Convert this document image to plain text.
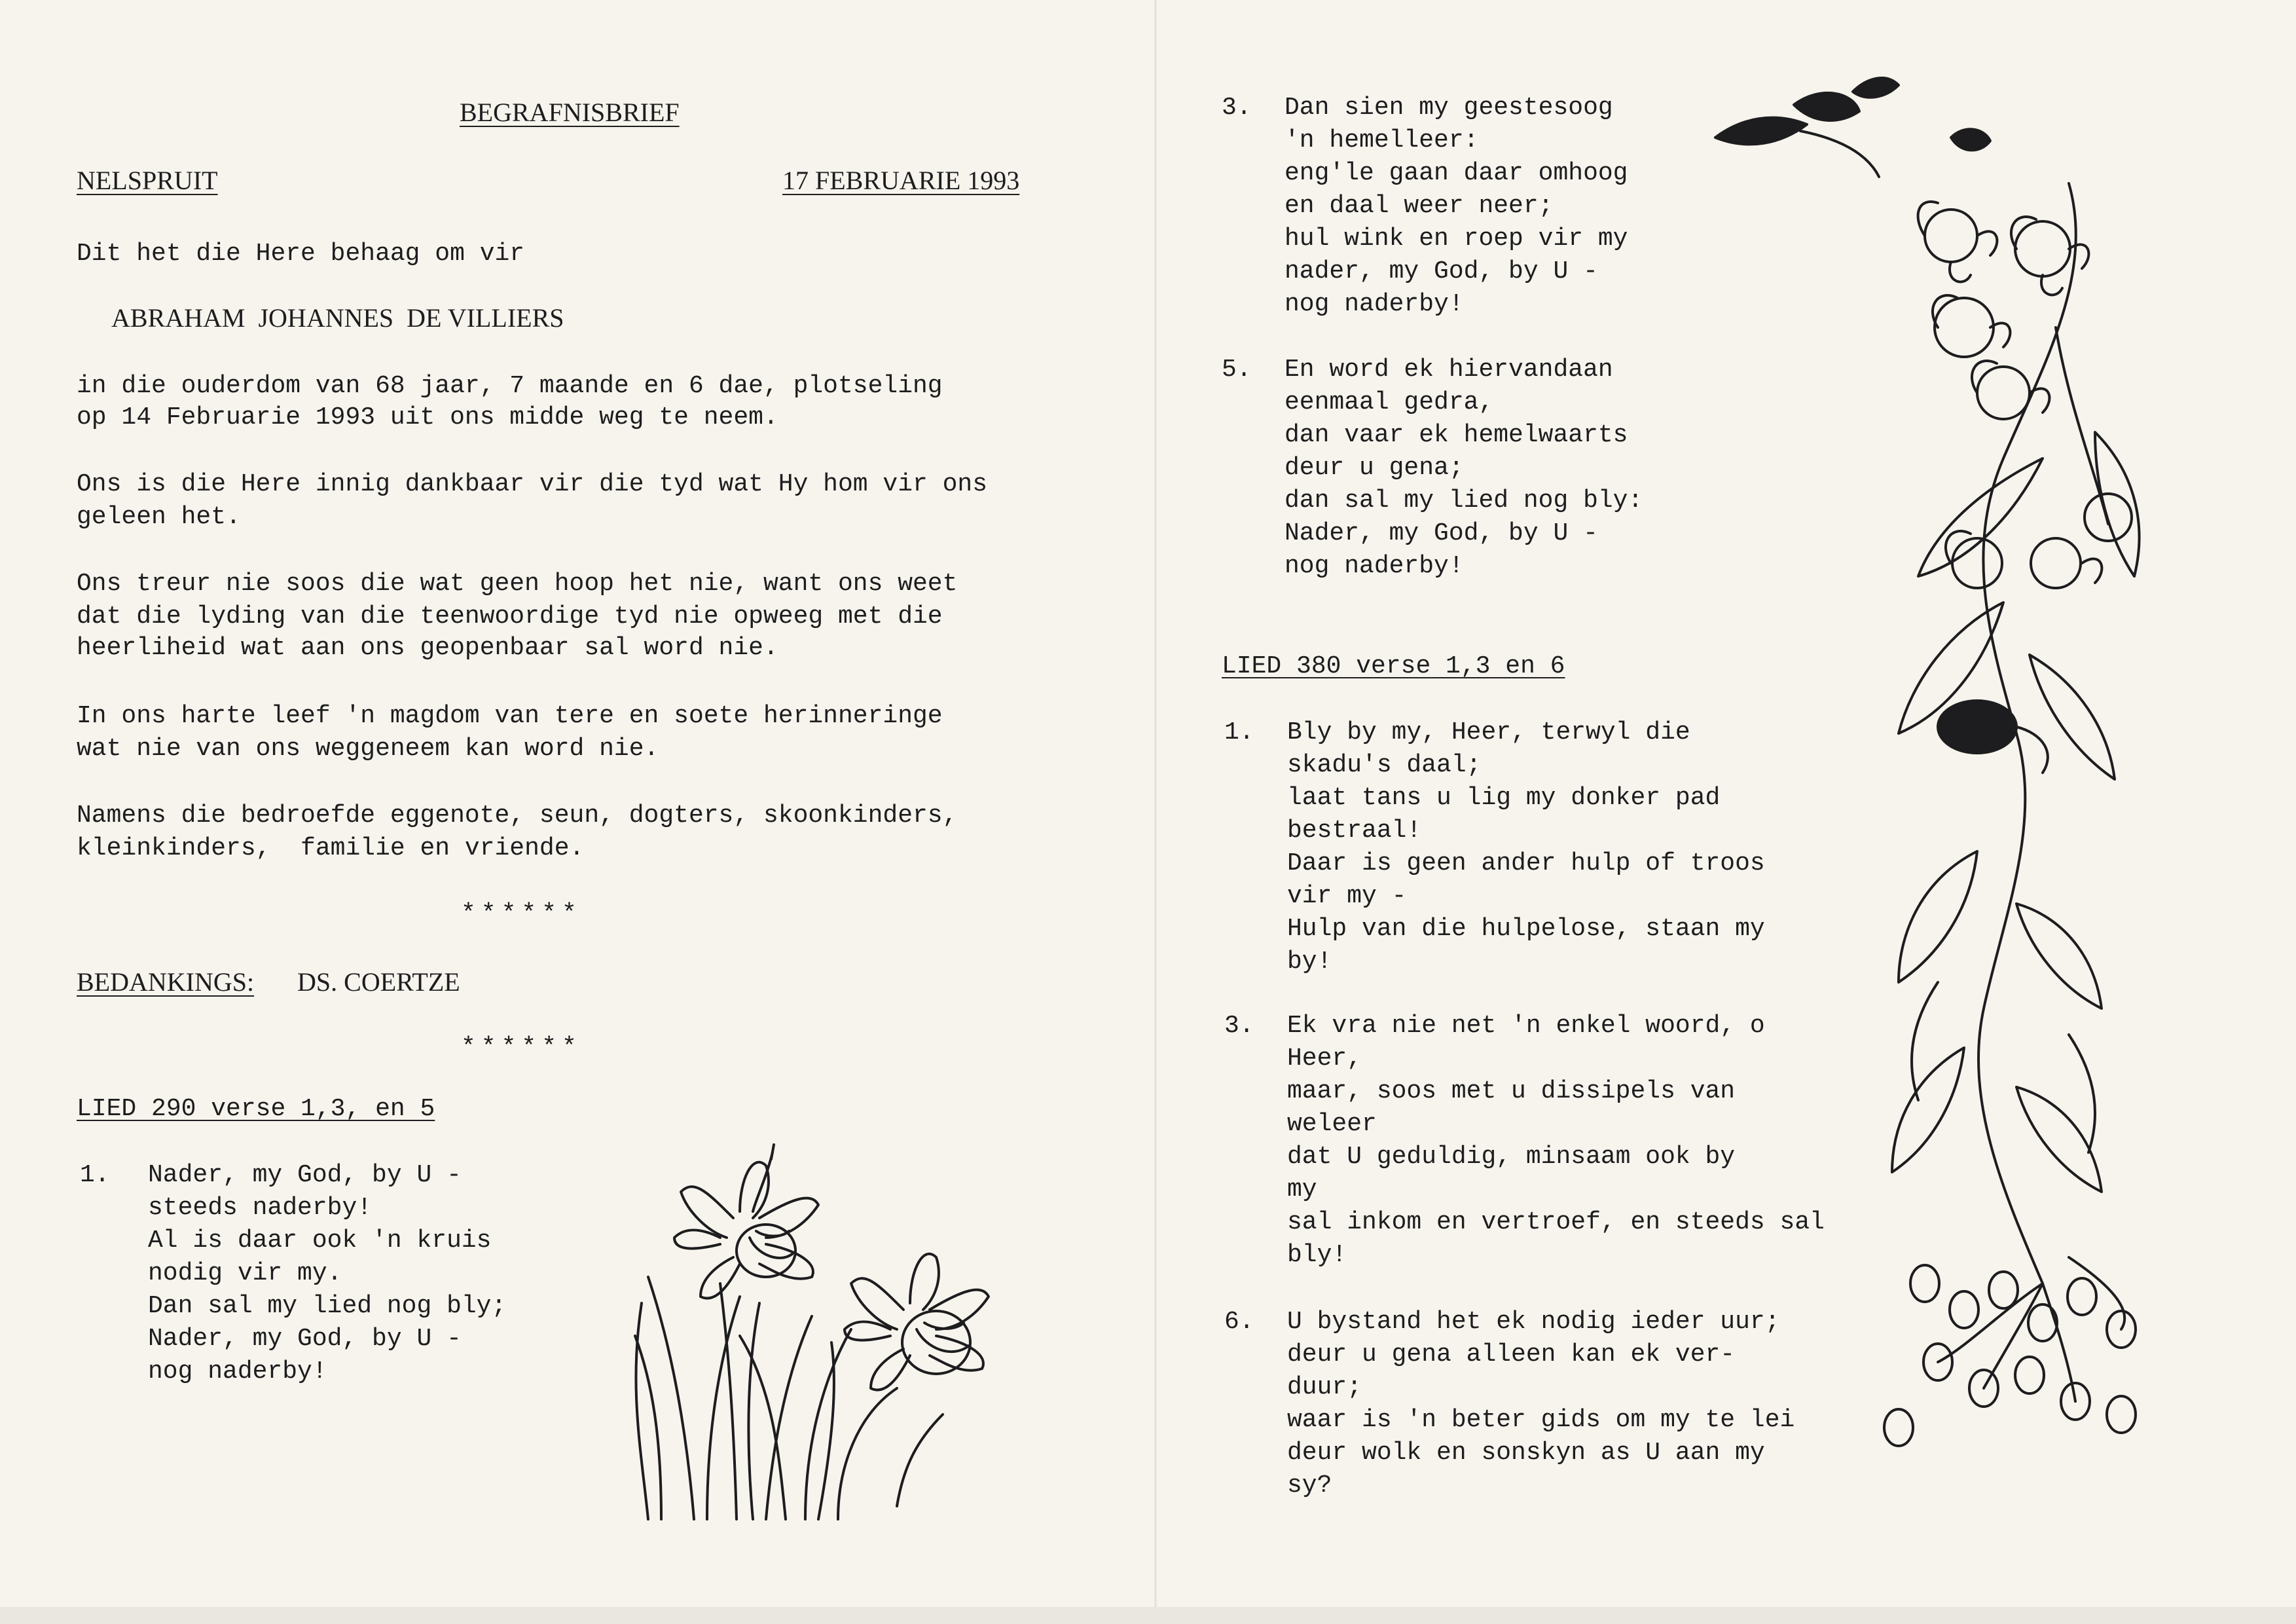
BEGRAFNISBRIEF
NELSPRUIT	17 FEBRUARIE 1993
Dit het die Here behaag om vir
ABRAHAM  JOHANNES  DE VILLIERS
in die ouderdom van 68 jaar, 7 maande en 6 dae, plotseling
op 14 Februarie 1993 uit ons midde weg te neem.
Ons is die Here innig dankbaar vir die tyd wat Hy hom vir ons
geleen het.
Ons treur nie soos die wat geen hoop het nie, want ons weet
dat die lyding van die teenwoordige tyd nie opweeg met die
heerliheid wat aan ons geopenbaar sal word nie.
In ons harte leef 'n magdom van tere en soete herinneringe
wat nie van ons weggeneem kan word nie.
Namens die bedroefde eggenote, seun, dogters, skoonkinders,
kleinkinders,  familie en vriende.
******
BEDANKINGS: DS. COERTZE
******
LIED 290 verse 1,3, en 5
1. Nader, my God, by U -
steeds naderby!
Al is daar ook 'n kruis
nodig vir my.
Dan sal my lied nog bly;
Nader, my God, by U -
nog naderby!
3. Dan sien my geestesoog
'n hemelleer:
eng'le gaan daar omhoog
en daal weer neer;
hul wink en roep vir my
nader, my God, by U -
nog naderby!
5. En word ek hiervandaan
eenmaal gedra,
dan vaar ek hemelwaarts
deur u gena;
dan sal my lied nog bly:
Nader, my God, by U -
nog naderby!
LIED 380 verse 1,3 en 6
1. Bly by my, Heer, terwyl die
skadu's daal;
laat tans u lig my donker pad
bestraal!
Daar is geen ander hulp of troos
vir my -
Hulp van die hulpelose, staan my
by!
3. Ek vra nie net 'n enkel woord, o
Heer,
maar, soos met u dissipels van
weleer
dat U geduldig, minsaam ook by
my
sal inkom en vertroef, en steeds sal
bly!
6. U bystand het ek nodig ieder uur;
deur u gena alleen kan ek ver-
duur;
waar is 'n beter gids om my te lei
deur wolk en sonskyn as U aan my
sy?
